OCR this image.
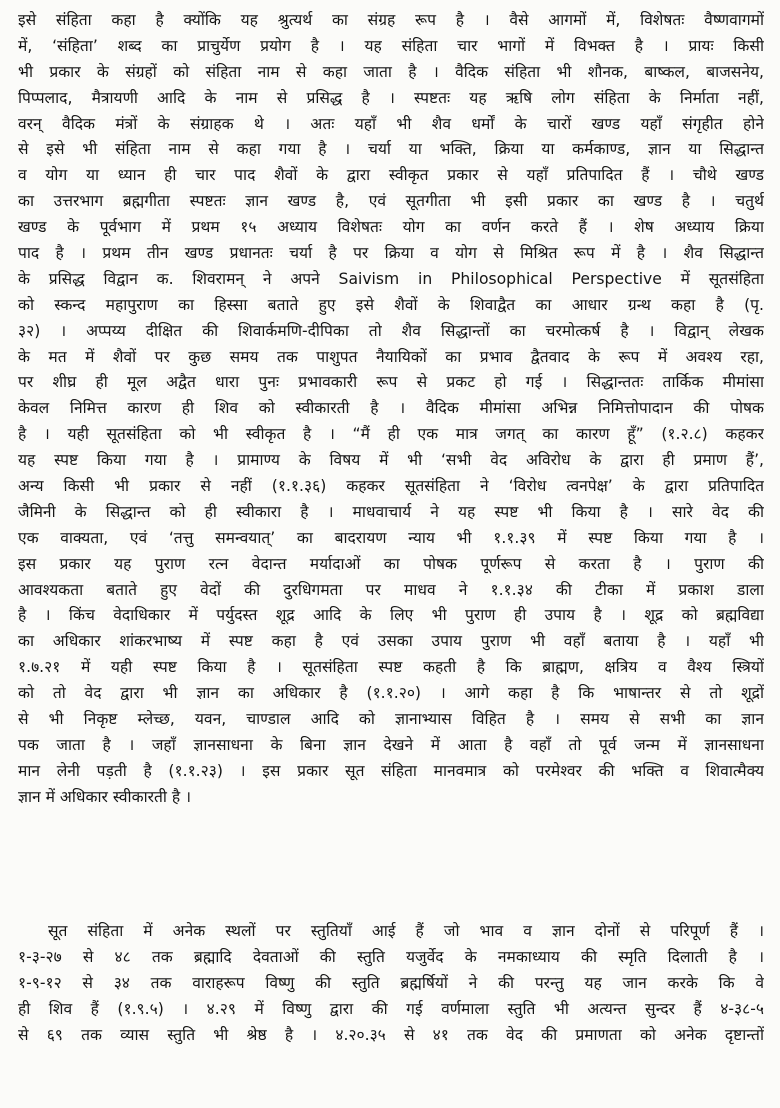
इसे संहिता कहा है क्योंकि यह श्रुत्यर्थ का संग्रह रूप है । वैसे आगमों में, विशेषतः वैष्णवागमों
में, ‘संहिता’ शब्द का प्राचुर्येण प्रयोग है । यह संहिता चार भागों में विभक्त है । प्रायः किसी
भी प्रकार के संग्रहों को संहिता नाम से कहा जाता है । वैदिक संहिता भी शौनक, बाष्कल, बाजसनेय,
पिप्पलाद, मैत्रायणी आदि के नाम से प्रसिद्ध है । स्पष्टतः यह ऋषि लोग संहिता के निर्माता नहीं,
वरन् वैदिक मंत्रों के संग्राहक थे । अतः यहाँ भी शैव धर्मों के चारों खण्ड यहाँ संगृहीत होने
से इसे भी संहिता नाम से कहा गया है । चर्या या भक्ति, क्रिया या कर्मकाण्ड, ज्ञान या सिद्धान्त
व योग या ध्यान ही चार पाद शैवों के द्वारा स्वीकृत प्रकार से यहाँ प्रतिपादित हैं । चौथे खण्ड
का उत्तरभाग ब्रह्मगीता स्पष्टतः ज्ञान खण्ड है, एवं सूतगीता भी इसी प्रकार का खण्ड है । चतुर्थ
खण्ड के पूर्वभाग में प्रथम १५ अध्याय विशेषतः योग का वर्णन करते हैं । शेष अध्याय क्रिया
पाद है । प्रथम तीन खण्ड प्रधानतः चर्या है पर क्रिया व योग से मिश्रित रूप में है । शैव सिद्धान्त
के प्रसिद्ध विद्वान क. शिवरामन् ने अपने Saivism in Philosophical Perspective में सूतसंहिता
को स्कन्द महापुराण का हिस्सा बताते हुए इसे शैवों के शिवाद्वैत का आधार ग्रन्थ कहा है (पृ.
३२) । अप्पय्य दीक्षित की शिवार्कमणि-दीपिका तो शैव सिद्धान्तों का चरमोत्कर्ष है । विद्वान् लेखक
के मत में शैवों पर कुछ समय तक पाशुपत नैयायिकों का प्रभाव द्वैतवाद के रूप में अवश्य रहा,
पर शीघ्र ही मूल अद्वैत धारा पुनः प्रभावकारी रूप से प्रकट हो गई । सिद्धान्ततः तार्किक मीमांसा
केवल निमित्त कारण ही शिव को स्वीकारती है । वैदिक मीमांसा अभिन्न निमित्तोपादान की पोषक
है । यही सूतसंहिता को भी स्वीकृत है । “मैं ही एक मात्र जगत् का कारण हूँ” (१.२.८) कहकर
यह स्पष्ट किया गया है । प्रामाण्य के विषय में भी ‘सभी वेद अविरोध के द्वारा ही प्रमाण हैं’,
अन्य किसी भी प्रकार से नहीं (१.१.३६) कहकर सूतसंहिता ने ‘विरोध त्वनपेक्ष’ के द्वारा प्रतिपादित
जैमिनी के सिद्धान्त को ही स्वीकारा है । माधवाचार्य ने यह स्पष्ट भी किया है । सारे वेद की
एक वाक्यता, एवं ‘तत्तु समन्वयात्’ का बादरायण न्याय भी १.१.३९ में स्पष्ट किया गया है ।
इस प्रकार यह पुराण रत्न वेदान्त मर्यादाओं का पोषक पूर्णरूप से करता है । पुराण की
आवश्यकता बताते हुए वेदों की दुरधिगमता पर माधव ने १.१.३४ की टीका में प्रकाश डाला
है । किंच वेदाधिकार में पर्युदस्त शूद्र आदि के लिए भी पुराण ही उपाय है । शूद्र को ब्रह्मविद्या
का अधिकार शांकरभाष्य में स्पष्ट कहा है एवं उसका उपाय पुराण भी वहाँ बताया है । यहाँ भी
१.७.२१ में यही स्पष्ट किया है । सूतसंहिता स्पष्ट कहती है कि ब्राह्मण, क्षत्रिय व वैश्य स्त्रियों
को तो वेद द्वारा भी ज्ञान का अधिकार है (१.१.२०) । आगे कहा है कि भाषान्तर से तो शूद्रों
से भी निकृष्ट म्लेच्छ, यवन, चाण्डाल आदि को ज्ञानाभ्यास विहित है । समय से सभी का ज्ञान
पक जाता है । जहाँ ज्ञानसाधना के बिना ज्ञान देखने में आता है वहाँ तो पूर्व जन्म में ज्ञानसाधना
मान लेनी पड़ती है (१.१.२३) । इस प्रकार सूत संहिता मानवमात्र को परमेश्वर की भक्ति व शिवात्मैक्य
ज्ञान में अधिकार स्वीकारती है ।
सूत संहिता में अनेक स्थलों पर स्तुतियाँ आई हैं जो भाव व ज्ञान दोनों से परिपूर्ण हैं ।
१-३-२७ से ४८ तक ब्रह्मादि देवताओं की स्तुति यजुर्वेद के नमकाध्याय की स्मृति दिलाती है ।
१-९-१२ से ३४ तक वाराहरूप विष्णु की स्तुति ब्रह्मर्षियों ने की परन्तु यह जान करके कि वे
ही शिव हैं (१.९.५) । ४.२९ में विष्णु द्वारा की गई वर्णमाला स्तुति भी अत्यन्त सुन्दर हैं ४-३८-५
से ६९ तक व्यास स्तुति भी श्रेष्ठ है । ४.२०.३५ से ४१ तक वेद की प्रमाणता को अनेक दृष्टान्तों
